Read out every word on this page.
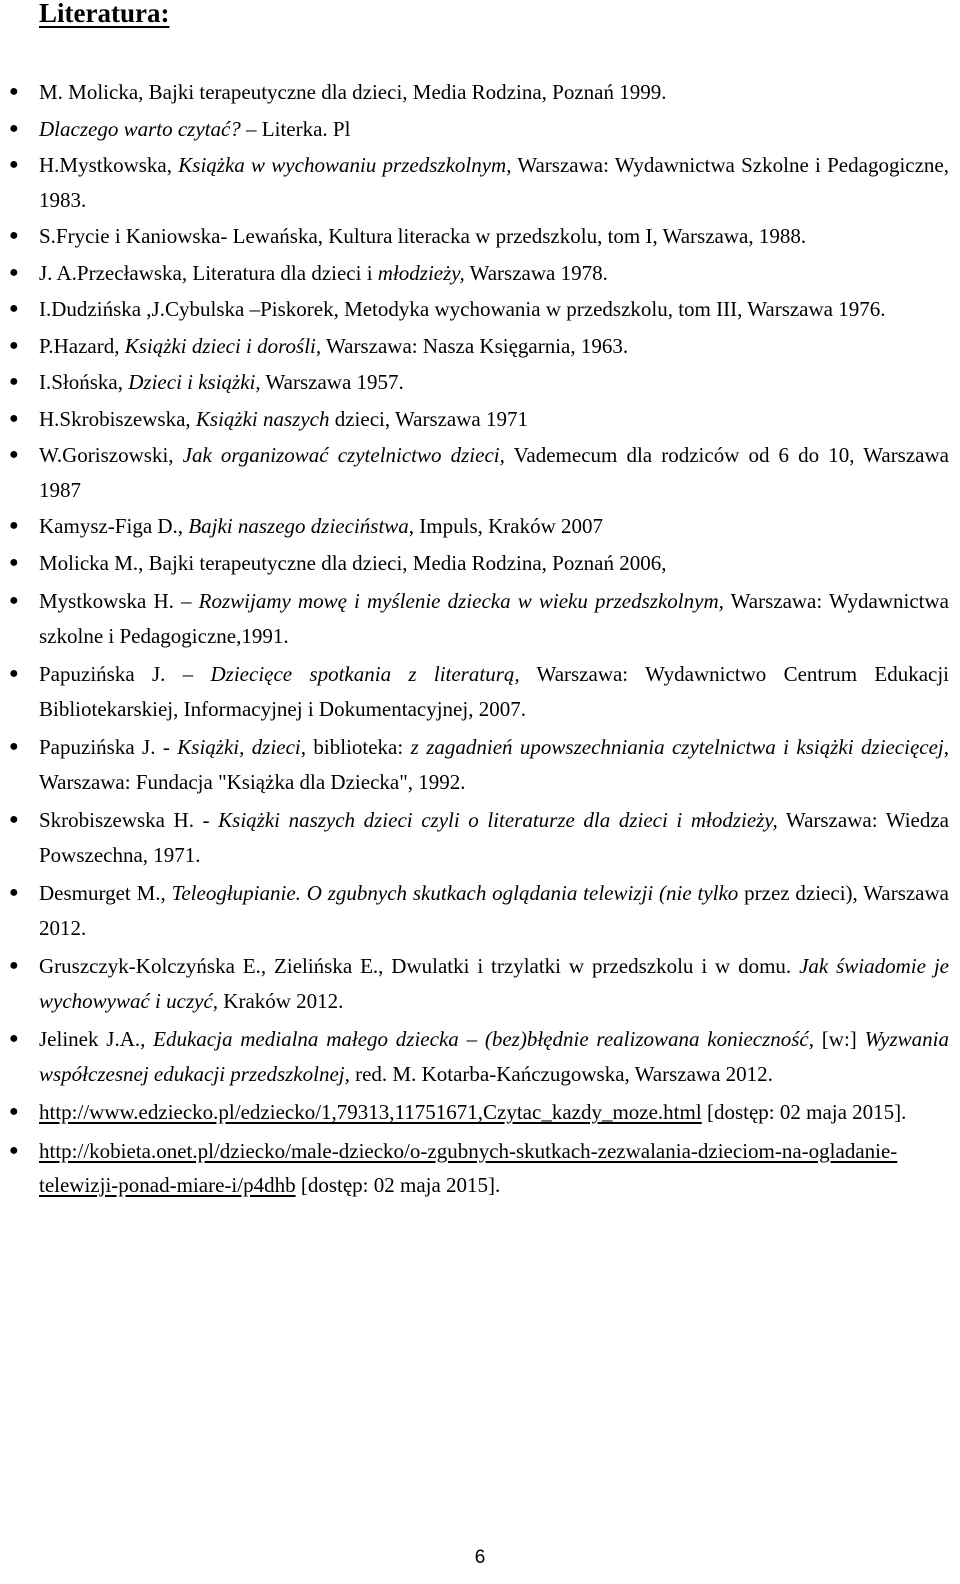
Literatura:
● M. Molicka, Bajki terapeutyczne dla dzieci, Media Rodzina, Poznań 1999.
● Dlaczego warto czytać? – Literka. Pl
● H.Mystkowska, Książka w wychowaniu przedszkolnym, Warszawa: Wydawnictwa Szkolne i Pedagogiczne, 1983.
● S.Frycie i Kaniowska- Lewańska, Kultura literacka w przedszkolu, tom I, Warszawa, 1988.
● J. A.Przecławska, Literatura dla dzieci i młodzieży, Warszawa 1978.
● I.Dudzińska ,J.Cybulska –Piskorek, Metodyka wychowania w przedszkolu, tom III, Warszawa 1976.
● P.Hazard, Książki dzieci i dorośli, Warszawa: Nasza Księgarnia, 1963.
● I.Słońska, Dzieci i książki, Warszawa 1957.
● H.Skrobiszewska, Książki naszych dzieci, Warszawa 1971
● W.Goriszowski, Jak organizować czytelnictwo dzieci, Vademecum dla rodziców od 6 do 10, Warszawa 1987
● Kamysz-Figa D., Bajki naszego dzieciństwa, Impuls, Kraków 2007
● Molicka M., Bajki terapeutyczne dla dzieci, Media Rodzina, Poznań 2006,
● Mystkowska H. – Rozwijamy mowę i myślenie dziecka w wieku przedszkolnym, Warszawa: Wydawnictwa szkolne i Pedagogiczne,1991.
● Papuzińska J. – Dziecięce spotkania z literaturą, Warszawa: Wydawnictwo Centrum Edukacji Bibliotekarskiej, Informacyjnej i Dokumentacyjnej, 2007.
● Papuzińska J. - Książki, dzieci, biblioteka: z zagadnień upowszechniania czytelnictwa i książki dziecięcej, Warszawa: Fundacja "Książka dla Dziecka", 1992.
● Skrobiszewska H. - Książki naszych dzieci czyli o literaturze dla dzieci i młodzieży, Warszawa: Wiedza Powszechna, 1971.
● Desmurget M., Teleogłupianie. O zgubnych skutkach oglądania telewizji (nie tylko przez dzieci), Warszawa 2012.
● Gruszczyk-Kolczyńska E., Zielińska E., Dwulatki i trzylatki w przedszkolu i w domu. Jak świadomie je wychowywać i uczyć, Kraków 2012.
● Jelinek J.A., Edukacja medialna małego dziecka – (bez)błędnie realizowana konieczność, [w:] Wyzwania współczesnej edukacji przedszkolnej, red. M. Kotarba-Kańczugowska, Warszawa 2012.
● http://www.edziecko.pl/edziecko/1,79313,11751671,Czytac_kazdy_moze.html [dostęp: 02 maja 2015].
● http://kobieta.onet.pl/dziecko/male-dziecko/o-zgubnych-skutkach-zezwalania-dzieciom-na-ogladanie-telewizji-ponad-miare-i/p4dhb [dostęp: 02 maja 2015].
6
